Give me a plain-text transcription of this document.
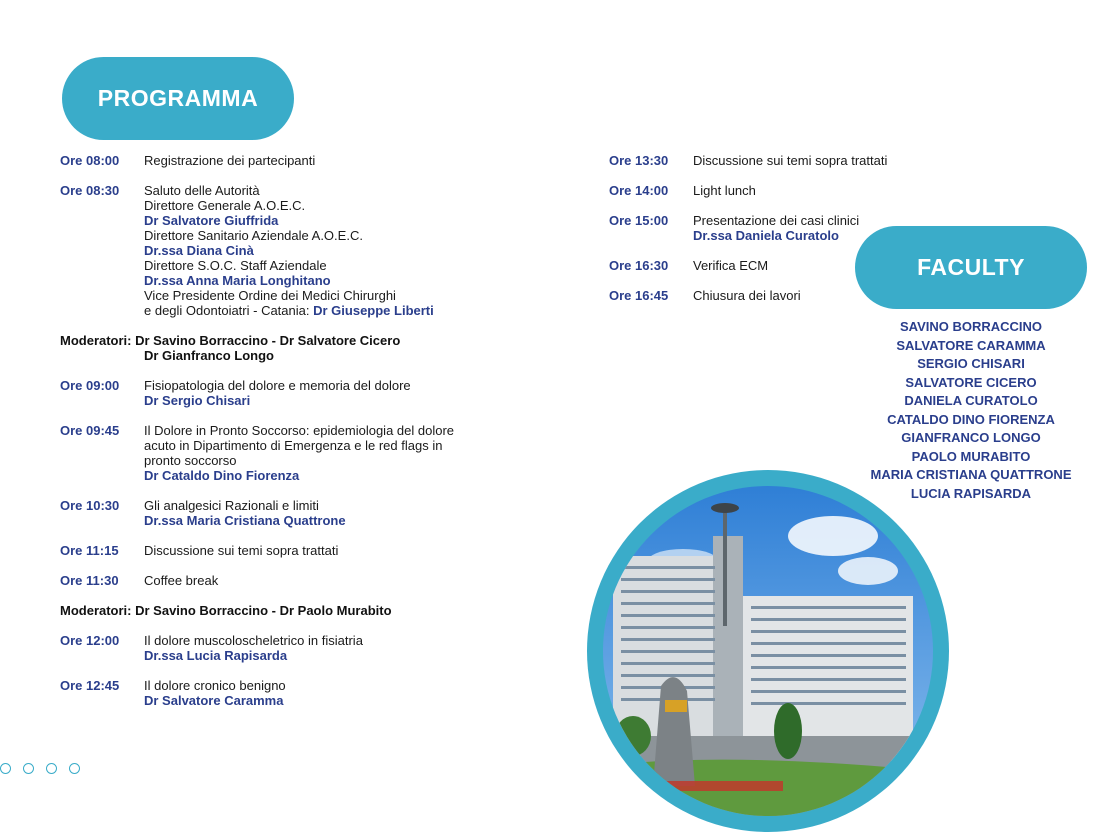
PROGRAMMA
Ore 08:00	Registrazione dei partecipanti
Ore 08:30	Saluto delle Autorità
Direttore Generale A.O.E.C.
Dr Salvatore Giuffrida
Direttore Sanitario Aziendale A.O.E.C.
Dr.ssa Diana Cinà
Direttore S.O.C. Staff Aziendale
Dr.ssa Anna Maria Longhitano
Vice Presidente Ordine dei Medici Chirurghi
e degli Odontoiatri - Catania: Dr Giuseppe Liberti
Moderatori: Dr Savino Borraccino - Dr Salvatore Cicero
Dr Gianfranco Longo
Ore 09:00	Fisiopatologia del dolore e memoria del dolore
Dr Sergio Chisari
Ore 09:45	Il Dolore in Pronto Soccorso: epidemiologia del dolore
acuto in Dipartimento di Emergenza e le red flags in
pronto soccorso
Dr Cataldo Dino Fiorenza
Ore 10:30	Gli analgesici Razionali e limiti
Dr.ssa Maria Cristiana Quattrone
Ore 11:15	Discussione sui temi sopra trattati
Ore 11:30	Coffee break
Moderatori: Dr Savino Borraccino - Dr Paolo Murabito
Ore 12:00	Il dolore muscoloscheletrico in fisiatria
Dr.ssa Lucia Rapisarda
Ore 12:45	Il dolore cronico benigno
Dr Salvatore Caramma
Ore 13:30	Discussione sui temi sopra trattati
Ore 14:00	Light lunch
Ore 15:00	Presentazione dei casi clinici
Dr.ssa Daniela Curatolo
Ore 16:30	Verifica ECM
Ore 16:45	Chiusura dei lavori
FACULTY
SAVINO BORRACCINO
SALVATORE CARAMMA
SERGIO CHISARI
SALVATORE CICERO
DANIELA CURATOLO
CATALDO DINO FIORENZA
GIANFRANCO LONGO
PAOLO MURABITO
MARIA CRISTIANA QUATTRONE
LUCIA RAPISARDA
